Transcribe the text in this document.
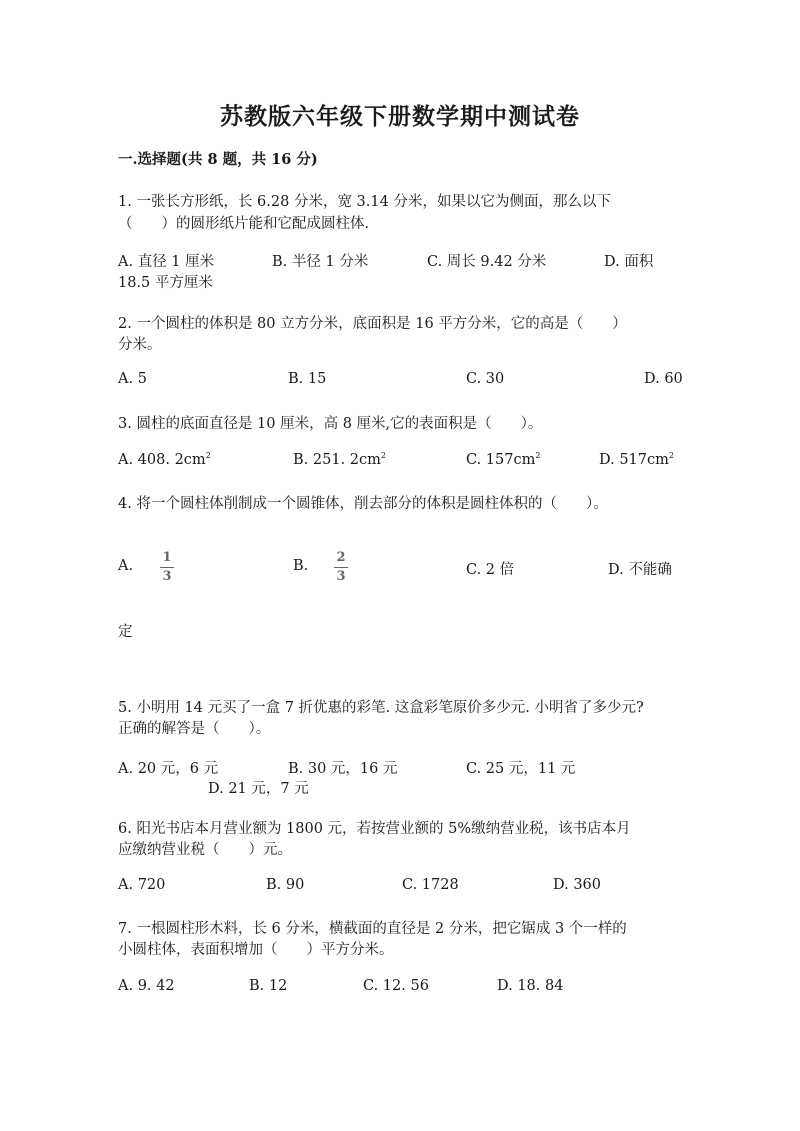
苏教版六年级下册数学期中测试卷
一.选择题(共 8 题，共 16 分)
1. 一张长方形纸，长 6.28 分米，宽 3.14 分米，如果以它为侧面，那么以下
（　　）的圆形纸片能和它配成圆柱体.
A. 直径 1 厘米	B. 半径 1 分米	C. 周长 9.42 分米	D. 面积
18.5 平方厘米
2. 一个圆柱的体积是 80 立方分米，底面积是 16 平方分米，它的高是（　　）
分米。
A. 5	B. 15	C. 30	D. 60
3. 圆柱的底面直径是 10 厘米，高 8 厘米,它的表面积是（　　）。
A. 408. $2cm^2$	B. 251. $2cm^2$	C. $157cm^2$	D. $517cm^2$
4. 将一个圆柱体削制成一个圆锥体，削去部分的体积是圆柱体积的（　　）。
A.
1
3
B.
2
3	C. 2 倍	D. 不能确
定
5. 小明用 14 元买了一盒 7 折优惠的彩笔. 这盒彩笔原价多少元. 小明省了多少元?
正确的解答是（　　）。
A. 20 元，6 元	B. 30 元，16 元	C. 25 元，11 元
D. 21 元，7 元
6. 阳光书店本月营业额为 1800 元，若按营业额的 5%缴纳营业税，该书店本月
应缴纳营业税（　　）元。
A. 720	B. 90	C. 1728	D. 360
7. 一根圆柱形木料，长 6 分米，横截面的直径是 2 分米，把它锯成 3 个一样的
小圆柱体，表面积增加（　　）平方分米。
A. 9. 42	B. 12	C. 12. 56	D. 18. 84
